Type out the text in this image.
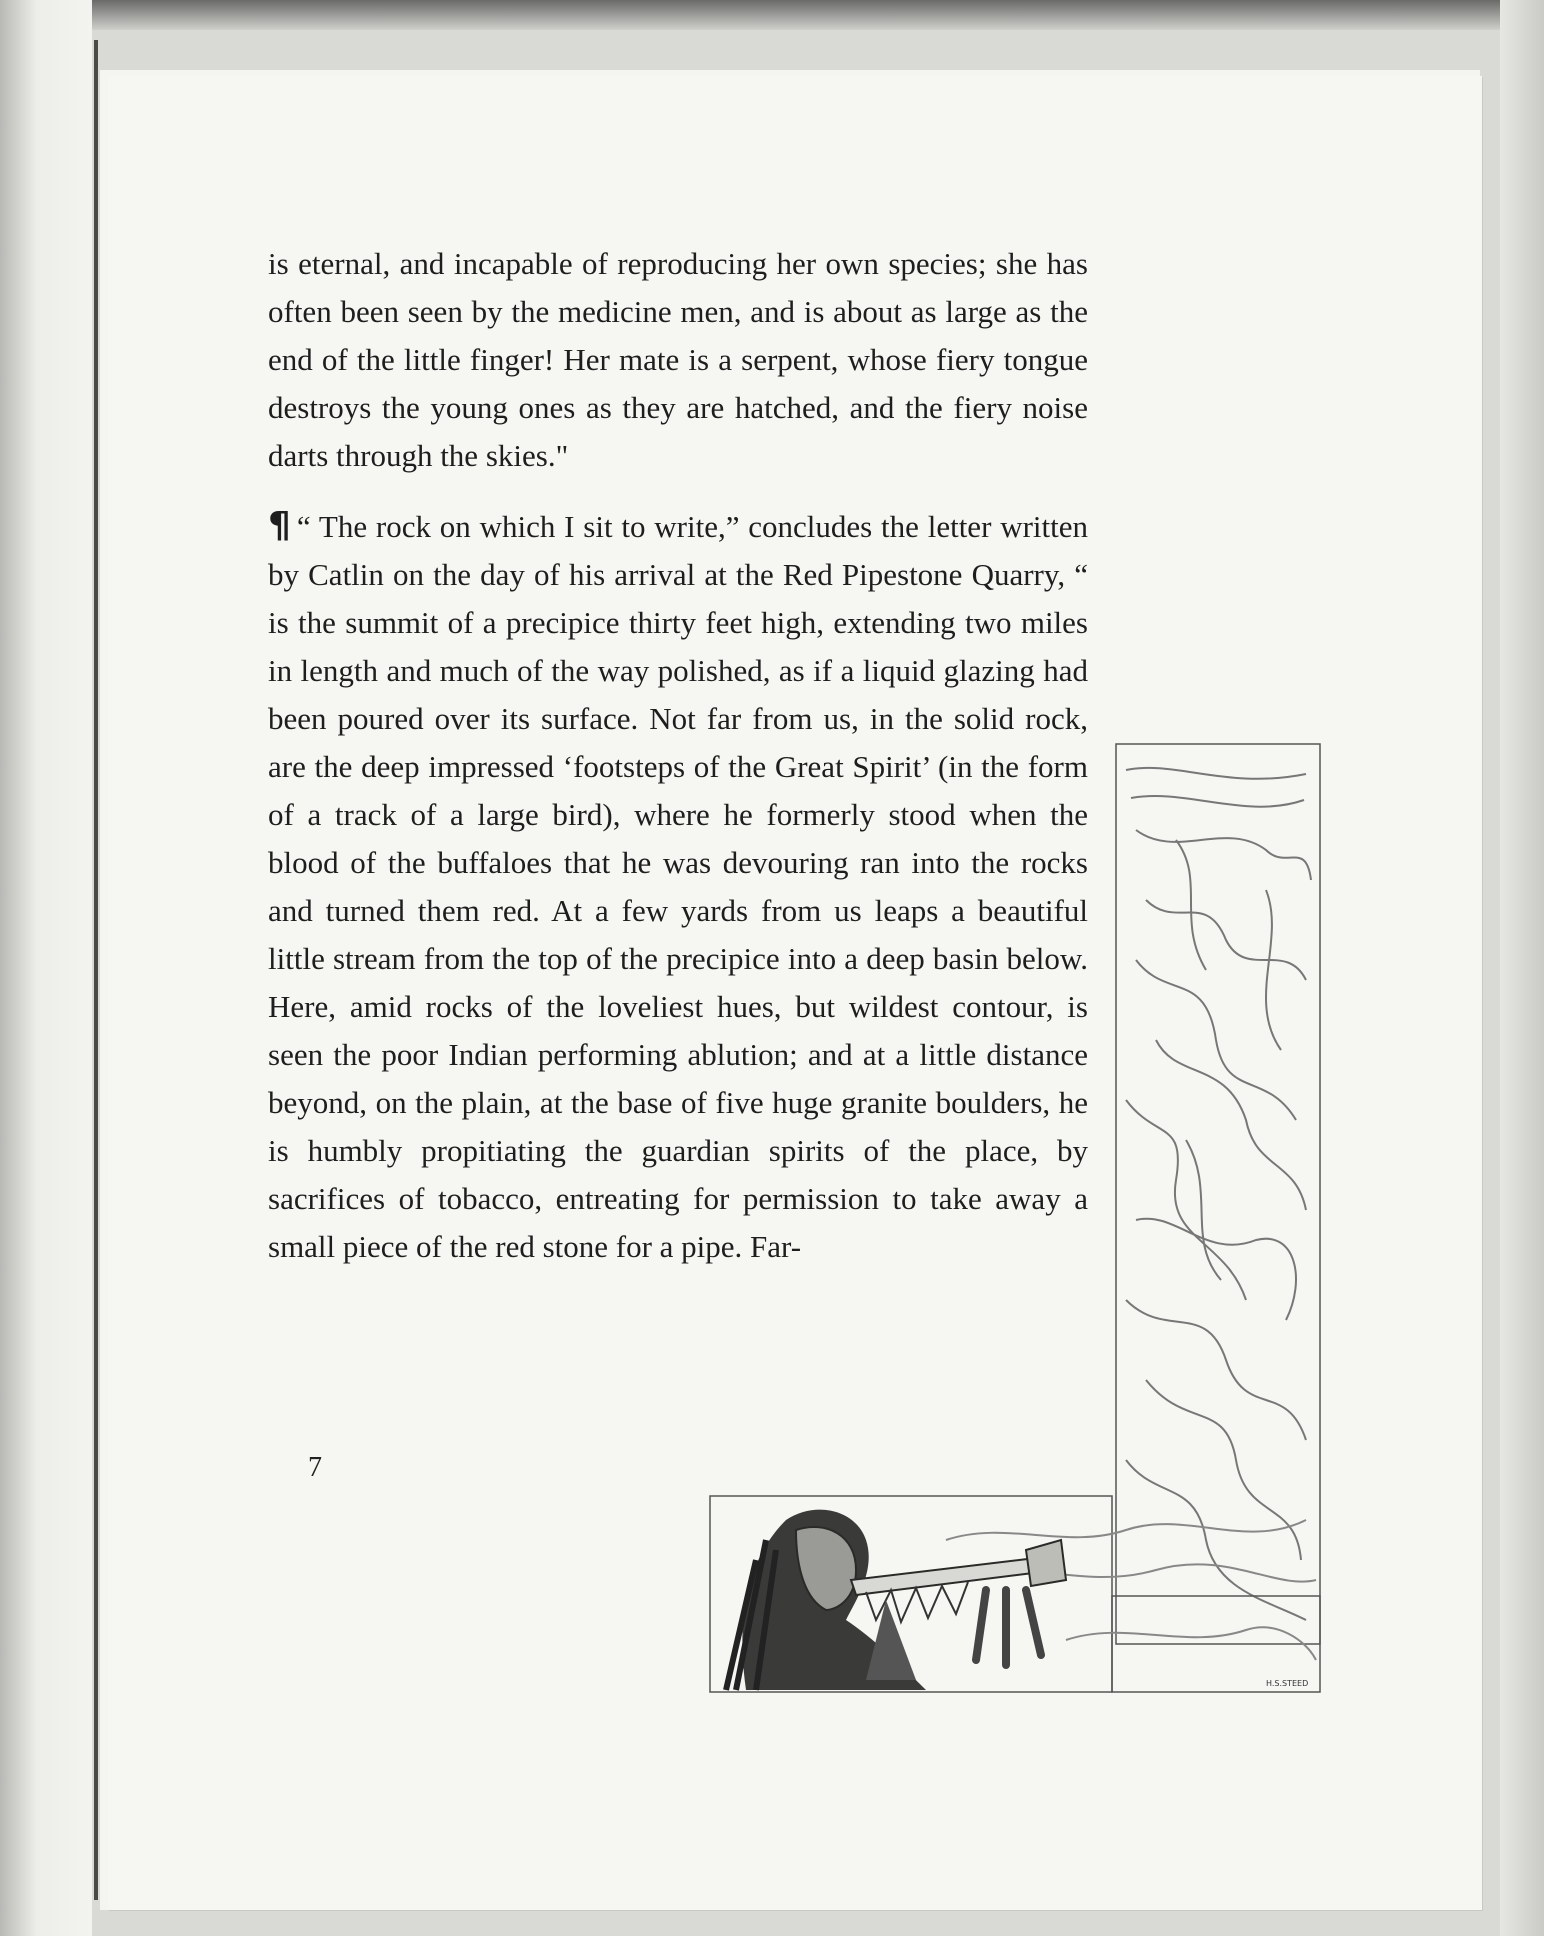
is eternal, and incapable of reproducing her own species; she has often been seen by the medicine men, and is about as large as the end of the little finger! Her mate is a serpent, whose fiery tongue destroys the young ones as they are hatched, and the fiery noise darts through the skies."

¶ “ The rock on which I sit to write,” concludes the letter written by Catlin on the day of his arrival at the Red Pipestone Quarry, “ is the summit of a precipice thirty feet high, extending two miles in length and much of the way polished, as if a liquid glazing had been poured over its surface. Not far from us, in the solid rock, are the deep impressed ‘footsteps of the Great Spirit’ (in the form of a track of a large bird), where he formerly stood when the blood of the buffaloes that he was devouring ran into the rocks and turned them red. At a few yards from us leaps a beautiful little stream from the top of the precipice into a deep basin below. Here, amid rocks of the loveliest hues, but wildest contour, is seen the poor Indian performing ablution; and at a little distance beyond, on the plain, at the base of five huge granite boulders, he is humbly propitiating the guardian spirits of the place, by sacrifices of tobacco, entreating for permission to take away a small piece of the red stone for a pipe. Far-

7
H.S.STEED
